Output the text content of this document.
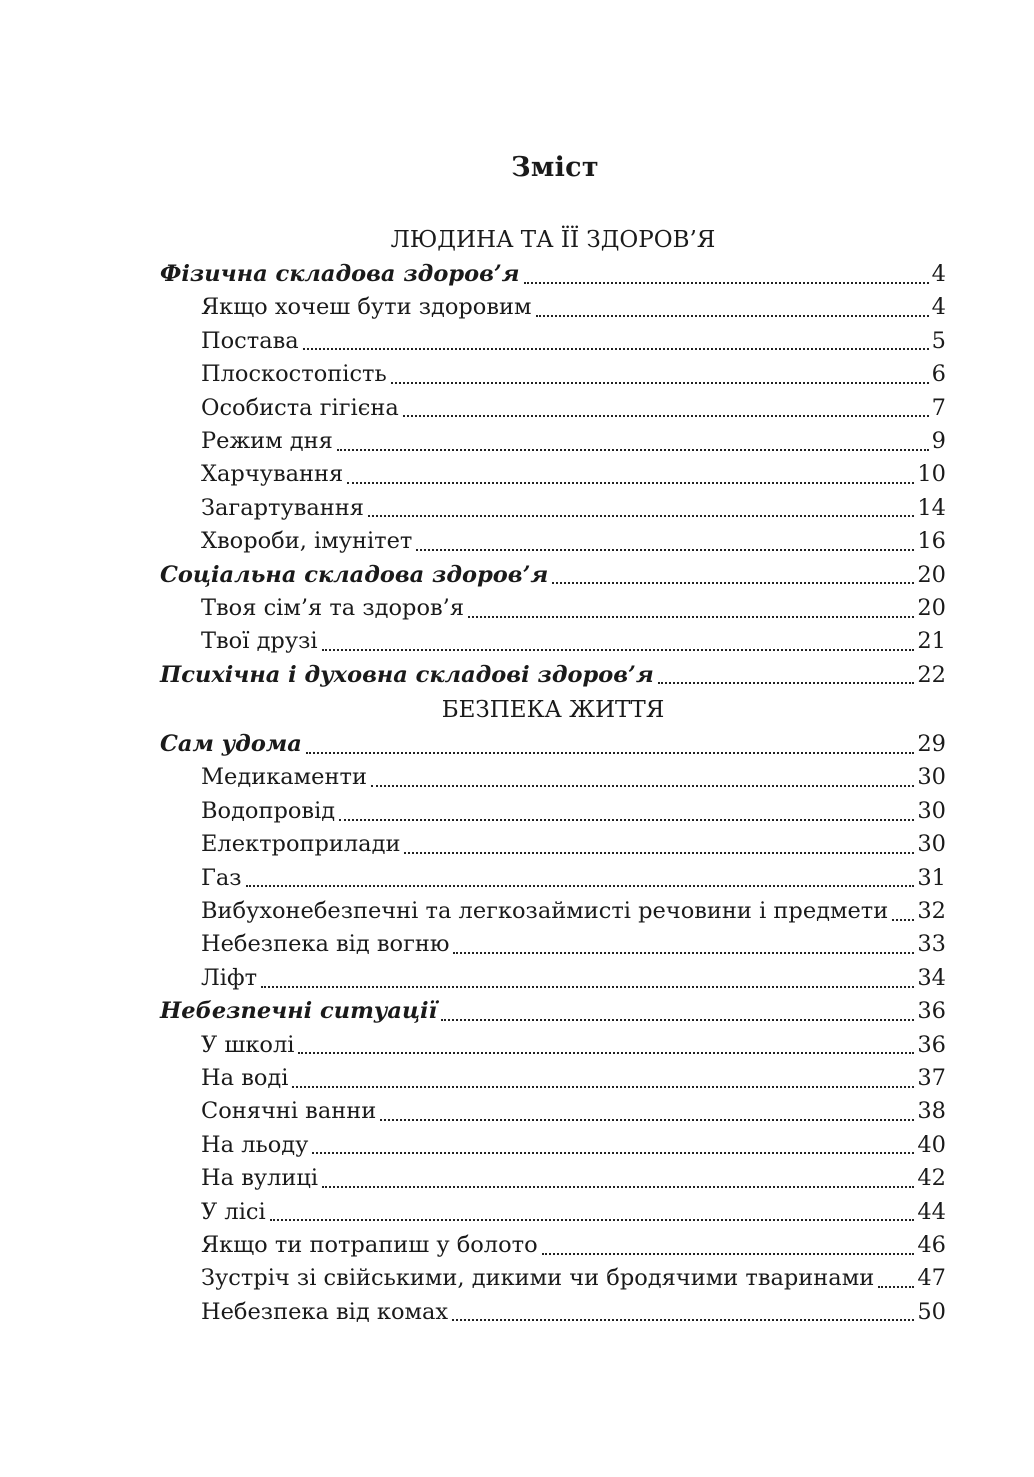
Зміст
ЛЮДИНА ТА ЇЇ ЗДОРОВ’Я
Фізична складова здоров’я	4
Якщо хочеш бути здоровим	4
Постава	5
Плоскостопість	6
Особиста гігієна	7
Режим дня	9
Харчування	10
Загартування	14
Хвороби, імунітет	16
Соціальна складова здоров’я	20
Твоя сім’я та здоров’я	20
Твої друзі	21
Психічна і духовна складові здоров’я	22
БЕЗПЕКА ЖИТТЯ
Сам удома	29
Медикаменти	30
Водопровід	30
Електроприлади	30
Газ	31
Вибухонебезпечні та легкозаймисті речовини і предмети 32
Небезпека від вогню	33
Ліфт	34
Небезпечні ситуації	36
У школі	36
На воді	37
Сонячні ванни	38
На льоду	40
На вулиці	42
У лісі	44
Якщо ти потрапиш у болото	46
Зустріч зі свійськими, дикими чи бродячими тваринами 47
Небезпека від комах	50
